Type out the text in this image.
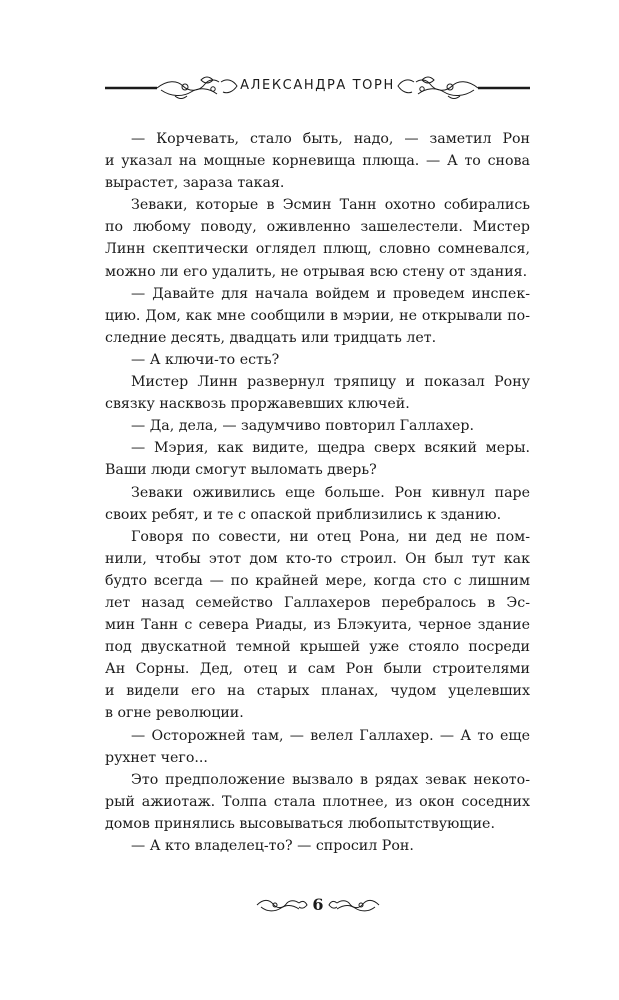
АЛЕКСАНДРА ТОРН

— Корчевать, стало быть, надо, — заметил Рон
и указал на мощные корневища плюща. — А то снова
вырастет, зараза такая.

Зеваки, которые в Эсмин Танн охотно собирались
по любому поводу, оживленно зашелестели. Мистер
Линн скептически оглядел плющ, словно сомневался,
можно ли его удалить, не отрывая всю стену от здания.

— Давайте для начала войдем и проведем инспек-
цию. Дом, как мне сообщили в мэрии, не открывали по-
следние десять, двадцать или тридцать лет.

— А ключи-то есть?

Мистер Линн развернул тряпицу и показал Рону
связку насквозь проржавевших ключей.

— Да, дела, — задумчиво повторил Галлахер.

— Мэрия, как видите, щедра сверх всякий меры.
Ваши люди смогут выломать дверь?

Зеваки оживились еще больше. Рон кивнул паре
своих ребят, и те с опаской приблизились к зданию.

Говоря по совести, ни отец Рона, ни дед не пом-
нили, чтобы этот дом кто-то строил. Он был тут как
будто всегда — по крайней мере, когда сто с лишним
лет назад семейство Галлахеров перебралось в Эс-
мин Танн с севера Риады, из Блэкуита, черное здание
под двускатной темной крышей уже стояло посреди
Ан Сорны. Дед, отец и сам Рон были строителями
и видели его на старых планах, чудом уцелевших
в огне революции.

— Осторожней там, — велел Галлахер. — А то еще
рухнет чего...

Это предположение вызвало в рядах зевак некото-
рый ажиотаж. Толпа стала плотнее, из окон соседних
домов принялись высовываться любопытствующие.

— А кто владелец-то? — спросил Рон.

6
